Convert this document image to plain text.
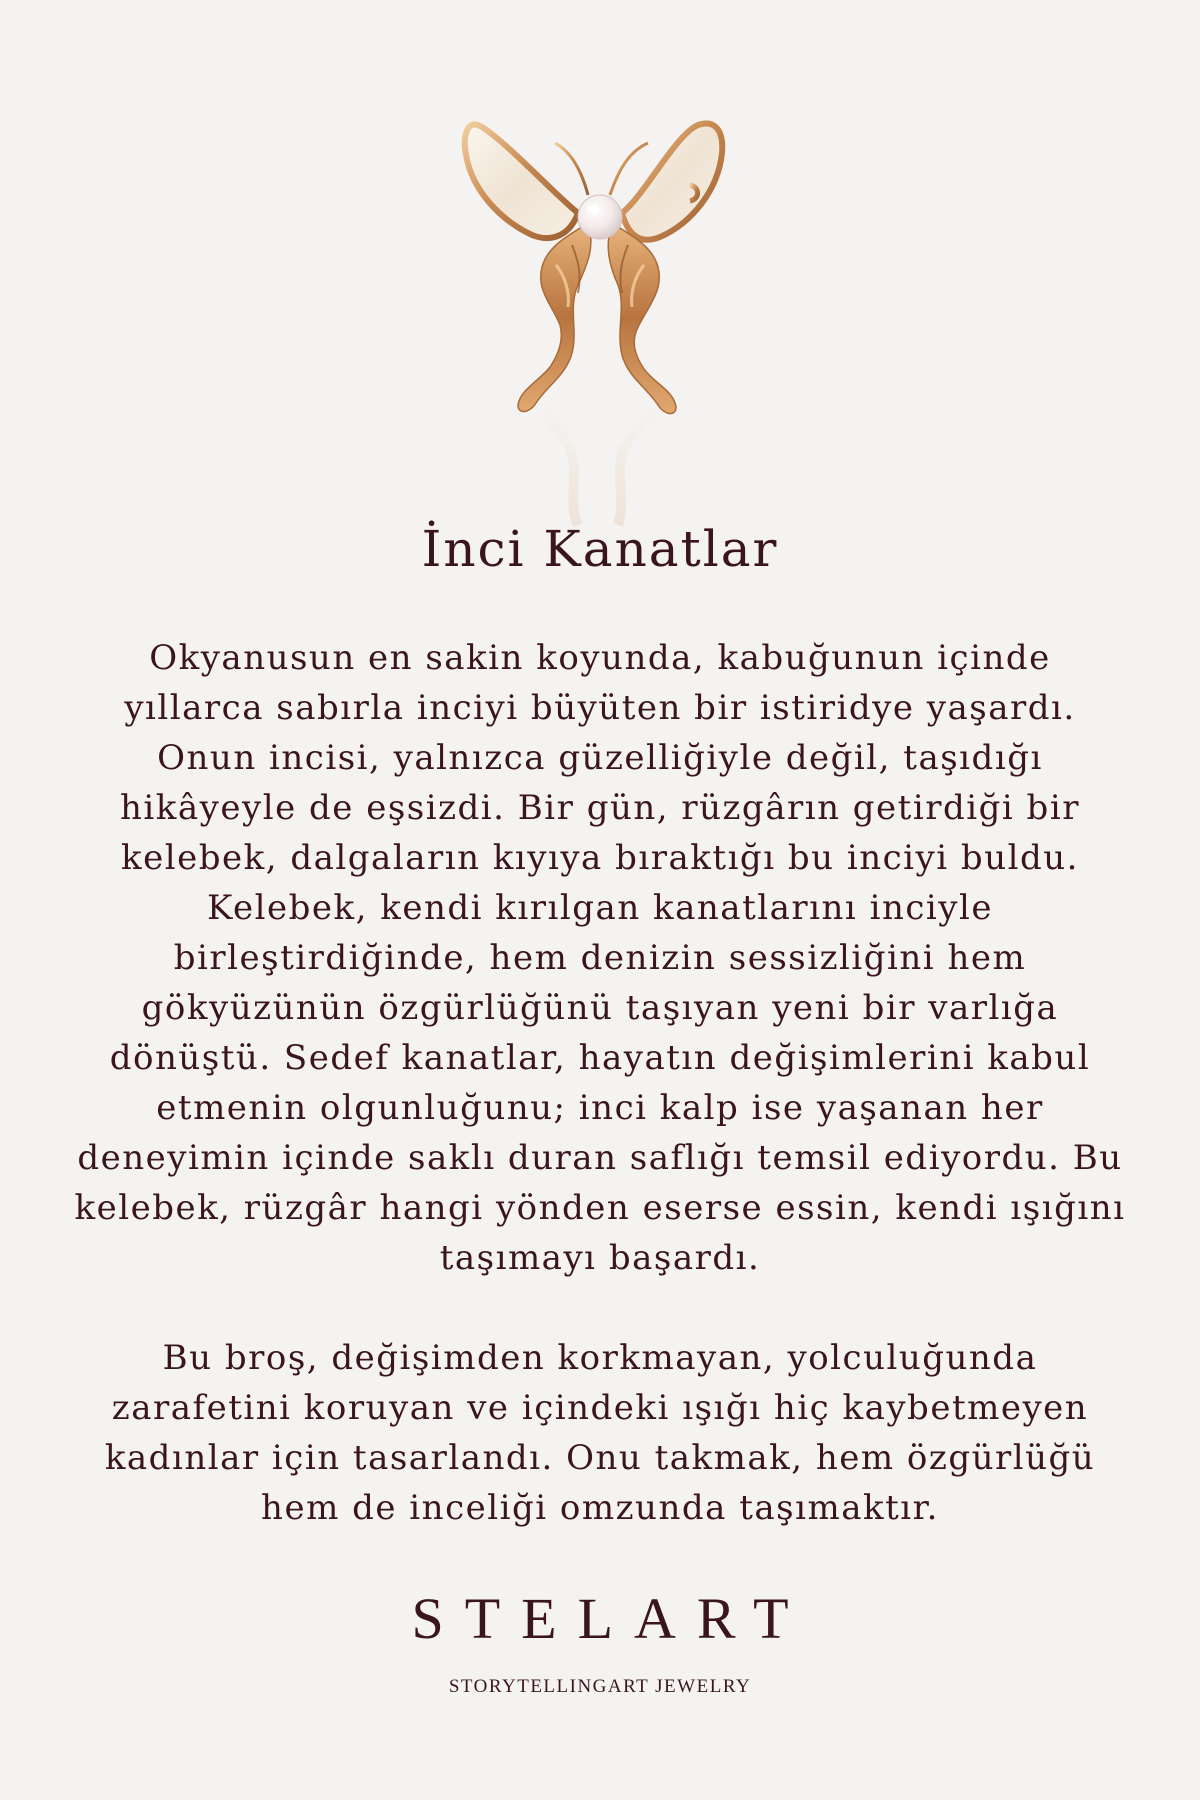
İnci Kanatlar

Okyanusun en sakin koyunda, kabuğunun içinde
yıllarca sabırla inciyi büyüten bir istiridye yaşardı.
Onun incisi, yalnızca güzelliğiyle değil, taşıdığı
hikâyeyle de eşsizdi. Bir gün, rüzgârın getirdiği bir
kelebek, dalgaların kıyıya bıraktığı bu inciyi buldu.
Kelebek, kendi kırılgan kanatlarını inciyle
birleştirdiğinde, hem denizin sessizliğini hem
gökyüzünün özgürlüğünü taşıyan yeni bir varlığa
dönüştü. Sedef kanatlar, hayatın değişimlerini kabul
etmenin olgunluğunu; inci kalp ise yaşanan her
deneyimin içinde saklı duran saflığı temsil ediyordu. Bu
kelebek, rüzgâr hangi yönden eserse essin, kendi ışığını
taşımayı başardı.

Bu broş, değişimden korkmayan, yolculuğunda
zarafetini koruyan ve içindeki ışığı hiç kaybetmeyen
kadınlar için tasarlandı. Onu takmak, hem özgürlüğü
hem de inceliği omzunda taşımaktır.

STELART
STORYTELLINGART JEWELRY
